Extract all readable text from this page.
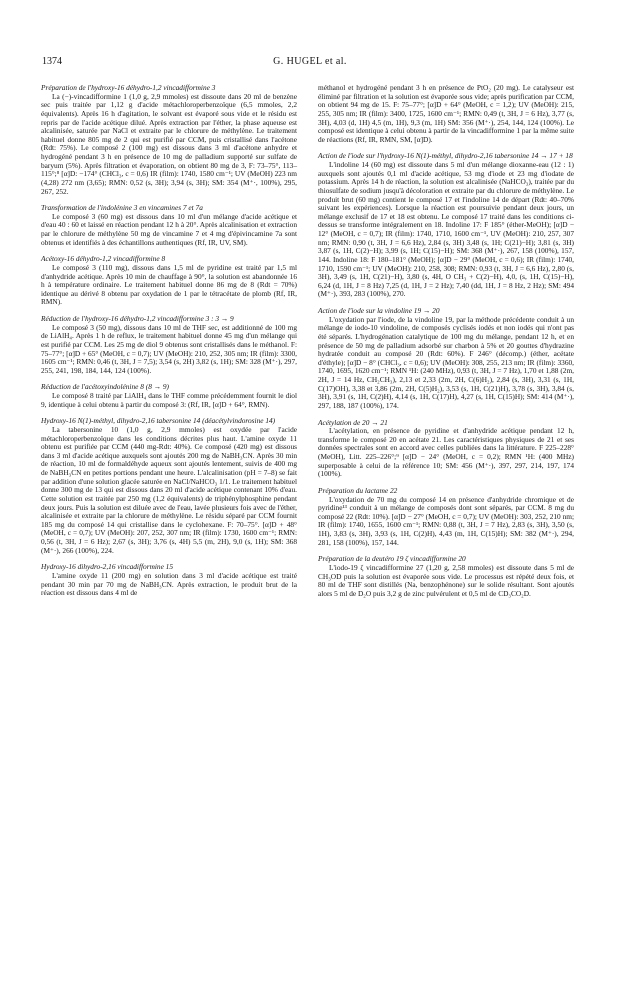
1374	G. HUGEL et al.
Préparation de l'hydroxy-16 déhydro-1,2 vincadifformine 3

La (−)-vincadifformine 1 (1,0 g, 2,9 mmoles) est dissoute dans 20 ml de benzène sec puis traitée par 1,12 g d'acide métachloroperbenzoïque (6,5 mmoles, 2,2 équivalents). Après 16 h d'agitation, le solvant est évaporé sous vide et le résidu est repris par de l'acide acétique dilué. Après extraction par l'éther, la phase aqueuse est alcalinisée, saturée par NaCl et extraite par le chlorure de méthylène. Le traitement habituel donne 805 mg de 2 qui est purifié par CCM, puis cristallisé dans l'acétone (Rdt: 75%). Le composé 2 (100 mg) est dissous dans 3 ml d'acétone anhydre et hydrogéné pendant 3 h en présence de 10 mg de palladium supporté sur sulfate de baryum (5%). Après filtration et évaporation, on obtient 80 mg de 3, F: 73–75°, 113–115°;⁸ [α]D: −174° (CHCl₃, c = 0,6) IR (film): 1740, 1580 cm⁻¹; UV (MeOH) 223 nm (4,28) 272 nm (3,65); RMN: 0,52 (s, 3H); 3,94 (s, 3H); SM: 354 (M⁺·, 100%), 295, 267, 252.

Transformation de l'indolénine 3 en vincamines 7 et 7a

Le composé 3 (60 mg) est dissous dans 10 ml d'un mélange d'acide acétique et d'eau 40 : 60 et laissé en réaction pendant 12 h à 20°. Après alcalinisation et extraction par le chlorure de méthylène 50 mg de vincamine 7 et 4 mg d'épivincamine 7a sont obtenus et identifiés à des échantillons authentiques (Rf, IR, UV, SM).

Acétoxy-16 déhydro-1,2 vincadifformine 8

Le composé 3 (110 mg), dissous dans 1,5 ml de pyridine est traité par 1,5 ml d'anhydride acétique. Après 10 min de chauffage à 90°, la solution est abandonnée 16 h à température ordinaire. Le traitement habituel donne 86 mg de 8 (Rdt = 70%) identique au dérivé 8 obtenu par oxydation de 1 par le tétracétate de plomb (Rf, IR, RMN).

Réduction de l'hydroxy-16 déhydro-1,2 vincadifformine 3 : 3 → 9

Le composé 3 (50 mg), dissous dans 10 ml de THF sec, est additionné de 100 mg de LiAlH₄. Après 1 h de reflux, le traitement habituel donne 45 mg d'un mélange qui est purifié par CCM. Les 25 mg de diol 9 obtenus sont cristallisés dans le méthanol. F: 75–77°; [α]D + 65° (MeOH, c = 0,7); UV (MeOH): 210, 252, 305 nm; IR (film): 3300, 1605 cm⁻¹; RMN: 0,46 (t, 3H, J = 7,5); 3,54 (s, 2H) 3,82 (s, 1H); SM: 328 (M⁺·), 297, 255, 241, 198, 184, 144, 124 (100%).

Réduction de l'acétoxyindolénine 8 (8 → 9)

Le composé 8 traité par LiAlH₄ dans le THF comme précédemment fournit le diol 9, identique à celui obtenu à partir du composé 3: (Rf, IR, [α]D + 64°, RMN).

Hydroxy-16 N(1)-méthyl, dihydro-2,16 tabersonine 14 (déacétylvindorosine 14)

La tabersonine 10 (1,0 g, 2,9 mmoles) est oxydée par l'acide métachloroperbenzoïque dans les conditions décrites plus haut. L'amine oxyde 11 obtenu est purifiée par CCM (440 mg-Rdt: 40%). Ce composé (420 mg) est dissous dans 3 ml d'acide acétique auxquels sont ajoutés 200 mg de NaBH₃CN. Après 30 min de réaction, 10 ml de formaldéhyde aqueux sont ajoutés lentement, suivis de 400 mg de NaBH₃CN en petites portions pendant une heure. L'alcalinisation (pH = 7–8) se fait par addition d'une solution glacée saturée en NaCl/NaHCO₃ 1/1. Le traitement habituel donne 300 mg de 13 qui est dissous dans 20 ml d'acide acétique contenant 10% d'eau. Cette solution est traitée par 250 mg (1,2 équivalents) de triphénylphosphine pendant deux jours. Puis la solution est diluée avec de l'eau, lavée plusieurs fois avec de l'éther, alcalinisée et extraite par la chlorure de méthylène. Le résidu séparé par CCM fournit 185 mg du composé 14 qui cristallise dans le cyclohexane. F: 70–75°. [α]D + 48° (MeOH, c = 0,7); UV (MeOH): 207, 252, 307 nm; IR (film): 1730, 1600 cm⁻¹; RMN: 0,56 (t, 3H, J = 6 Hz); 2,67 (s, 3H); 3,76 (s, 4H) 5,5 (m, 2H), 9,0 (s, 1H); SM: 368 (M⁺·), 266 (100%), 224.

Hydroxy-16 dihydro-2,16 vincadifformine 15

L'amine oxyde 11 (200 mg) en solution dans 3 ml d'acide acétique est traité pendant 30 min par 70 mg de NaBH₃CN. Après extraction, le produit brut de la réaction est dissous dans 4 ml de

méthanol et hydrogéné pendant 3 h en présence de PtO₂ (20 mg). Le catalyseur est éliminé par filtration et la solution est évaporée sous vide; après purification par CCM, on obtient 94 mg de 15. F: 75–77°; [α]D + 64° (MeOH, c = 1,2); UV (MeOH): 215, 255, 305 nm; IR (film): 3400, 1725, 1600 cm⁻¹; RMN: 0,49 (t, 3H, J = 6 Hz), 3,77 (s, 3H), 4,03 (d, 1H) 4,5 (m, 1H), 9,3 (m, 1H) SM: 356 (M⁺·), 254, 144, 124 (100%). Le composé est identique à celui obtenu à partir de la vincadifformine 1 par la même suite de réactions (Rf, IR, RMN, SM, [α]D).

Action de l'iode sur l'hydroxy-16 N(1)-méthyl, dihydro-2,16 tabersonine 14 → 17 + 18

L'indoline 14 (60 mg) est dissoute dans 5 ml d'un mélange dioxanne-eau (12 : 1) auxquels sont ajoutés 0,1 ml d'acide acétique, 53 mg d'iode et 23 mg d'iodate de potassium. Après 14 h de réaction, la solution est alcalinisée (NaHCO₃), traitée par du thiosulfate de sodium jusqu'à décoloration et extraite par du chlorure de méthylène. Le produit brut (60 mg) contient le composé 17 et l'indoline 14 de départ (Rdt: 40–70% suivant les expériences). Lorsque la réaction est poursuivie pendant deux jours, un mélange exclusif de 17 et 18 est obtenu. Le composé 17 traité dans les conditions ci-dessus se transforme intégralement en 18. Indoline 17: F 185° (éther-MeOH); [α]D − 12° (MeOH, c = 0,7); IR (film): 1740, 1710, 1600 cm⁻¹, UV (MeOH): 210, 257, 307 nm; RMN: 0,90 (t, 3H, J = 6,6 Hz), 2,84 (s, 3H) 3,48 (s, 1H; C(21)−H); 3,81 (s, 3H) 3,87 (s, 1H, C(2)−H); 3,99 (s, 1H; C(15)−H); SM: 368 (M⁺·), 267, 158 (100%), 157, 144. Indoline 18: F 180–181° (MeOH); [α]D − 29° (MeOH, c = 0,6); IR (film): 1740, 1710, 1590 cm⁻¹; UV (MeOH): 210, 258, 308; RMN: 0,93 (t, 3H, J = 6,6 Hz), 2,80 (s, 3H), 3,49 (s, 1H, C(21)−H), 3,80 (s, 4H, O CH₃ + C(2)−H), 4,0, (s, 1H, C(15)−H), 6,24 (d, 1H, J = 8 Hz) 7,25 (d, 1H, J = 2 Hz); 7,40 (dd, 1H, J = 8 Hz, 2 Hz); SM: 494 (M⁺·), 393, 283 (100%), 270.

Action de l'iode sur la vindoline 19 → 20

L'oxydation par l'iode, de la vindoline 19, par la méthode précédente conduit à un mélange de iodo-10 vindoline, de composés cyclisés iodés et non iodés qui n'ont pas été séparés. L'hydrogénation catalytique de 100 mg du mélange, pendant 12 h, et en présence de 50 mg de palladium adsorbé sur charbon à 5% et 20 gouttes d'hydrazine hydratée conduit au composé 20 (Rdt: 60%). F 246° (décomp.) (éther, acétate d'éthyle); [α]D − 8° (CHCl₃, c = 0,6); UV (MeOH): 308, 255, 213 nm; IR (film): 3360, 1740, 1695, 1620 cm⁻¹; RMN ¹H: (240 MHz), 0,93 (t, 3H, J = 7 Hz), 1,70 et 1,88 (2m, 2H, J = 14 Hz, CH₂CH₃), 2,13 et 2,33 (2m, 2H, C(6)H₂), 2,84 (s, 3H), 3,31 (s, 1H, C(17)OH), 3,38 et 3,86 (2m, 2H, C(5)H₂), 3,53 (s, 1H, C(21)H), 3,78 (s, 3H), 3,84 (s, 3H), 3,91 (s, 1H, C(2)H), 4,14 (s, 1H, C(17)H), 4,27 (s, 1H, C(15)H); SM: 414 (M⁺·), 297, 188, 187 (100%), 174.

Acétylation de 20 → 21

L'acétylation, en présence de pyridine et d'anhydride acétique pendant 12 h, transforme le composé 20 en acétate 21. Les caractéristiques physiques de 21 et ses données spectrales sont en accord avec celles publiées dans la littérature. F 225–228° (MeOH), Litt. 225–226°;⁹ [α]D − 24° (MeOH, c = 0,2); RMN ¹H: (400 MHz) superposable à celui de la référence 10; SM: 456 (M⁺·), 397, 297, 214, 197, 174 (100%).

Préparation du lactame 22

L'oxydation de 70 mg du composé 14 en présence d'anhydride chromique et de pyridine¹³ conduit à un mélange de composés dont sont séparés, par CCM. 8 mg du composé 22 (Rdt: 10%). [α]D − 27° (MeOH, c = 0,7); UV (MeOH): 303, 252, 210 nm; IR (film): 1740, 1655, 1600 cm⁻¹; RMN: 0,88 (t, 3H, J = 7 Hz), 2,83 (s, 3H), 3,50 (s, 1H), 3,83 (s, 3H), 3,93 (s, 1H, C(2)H), 4,43 (m, 1H, C(15)H); SM: 382 (M⁺·), 294, 281, 158 (100%), 157, 144.

Préparation de la deutéro 19 ζ vincadifformine 20

L'iodo-19 ζ vincadifformine 27 (1,20 g, 2,58 mmoles) est dissoute dans 5 ml de CH₃OD puis la solution est évaporée sous vide. Le processus est répété deux fois, et 80 ml de THF sont distillés (Na, benzophénone) sur le solide résultant. Sont ajoutés alors 5 ml de D₂O puis 3,2 g de zinc pulvérulent et 0,5 ml de CD₃CO₂D.
